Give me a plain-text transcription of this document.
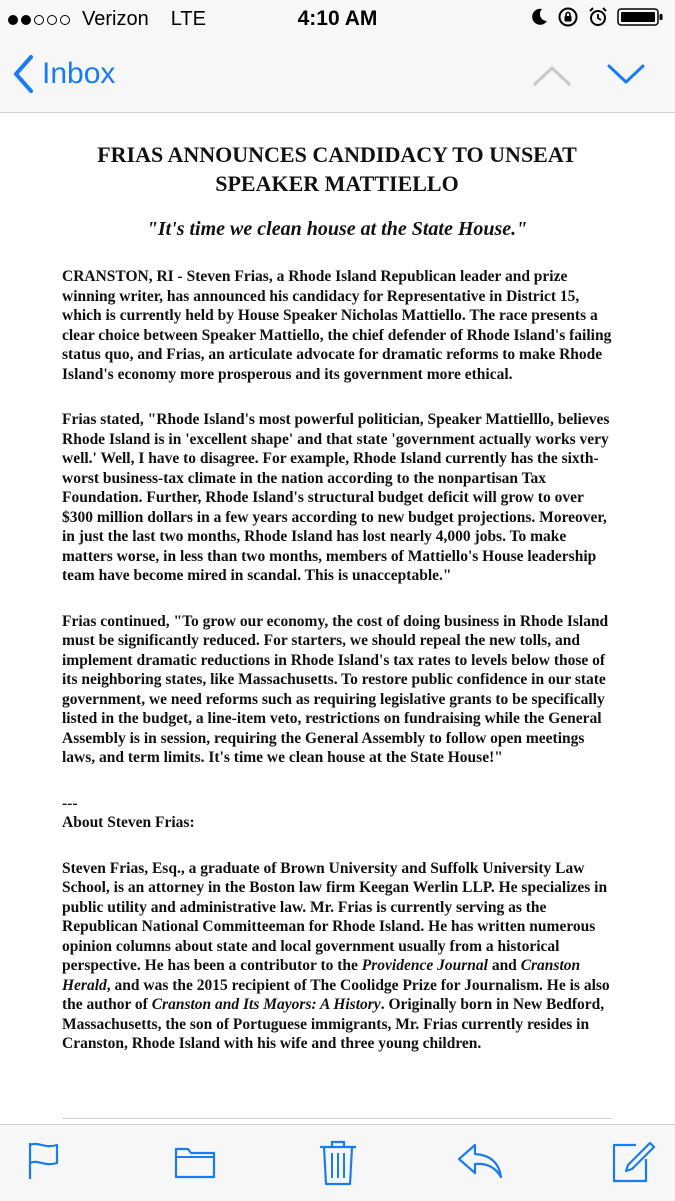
Verizon LTE	4:10 AM
Inbox
FRIAS ANNOUNCES CANDIDACY TO UNSEAT
SPEAKER MATTIELLO

"It's time we clean house at the State House."

CRANSTON, RI - Steven Frias, a Rhode Island Republican leader and prize winning writer, has announced his candidacy for Representative in District 15, which is currently held by House Speaker Nicholas Mattiello. The race presents a clear choice between Speaker Mattiello, the chief defender of Rhode Island's failing status quo, and Frias, an articulate advocate for dramatic reforms to make Rhode Island's economy more prosperous and its government more ethical.

Frias stated, "Rhode Island's most powerful politician, Speaker Mattielllo, believes Rhode Island is in 'excellent shape' and that state 'government actually works very well.' Well, I have to disagree. For example, Rhode Island currently has the sixth-worst business-tax climate in the nation according to the nonpartisan Tax Foundation. Further, Rhode Island's structural budget deficit will grow to over $300 million dollars in a few years according to new budget projections. Moreover, in just the last two months, Rhode Island has lost nearly 4,000 jobs. To make matters worse, in less than two months, members of Mattiello's House leadership team have become mired in scandal. This is unacceptable."

Frias continued, "To grow our economy, the cost of doing business in Rhode Island must be significantly reduced. For starters, we should repeal the new tolls, and implement dramatic reductions in Rhode Island's tax rates to levels below those of its neighboring states, like Massachusetts. To restore public confidence in our state government, we need reforms such as requiring legislative grants to be specifically listed in the budget, a line-item veto, restrictions on fundraising while the General Assembly is in session, requiring the General Assembly to follow open meetings laws, and term limits. It's time we clean house at the State House!"

---
About Steven Frias:

Steven Frias, Esq., a graduate of Brown University and Suffolk University Law School, is an attorney in the Boston law firm Keegan Werlin LLP. He specializes in public utility and administrative law. Mr. Frias is currently serving as the Republican National Committeeman for Rhode Island. He has written numerous opinion columns about state and local government usually from a historical perspective. He has been a contributor to the Providence Journal and Cranston Herald, and was the 2015 recipient of The Coolidge Prize for Journalism. He is also the author of Cranston and Its Mayors: A History. Originally born in New Bedford, Massachusetts, the son of Portuguese immigrants, Mr. Frias currently resides in Cranston, Rhode Island with his wife and three young children.
